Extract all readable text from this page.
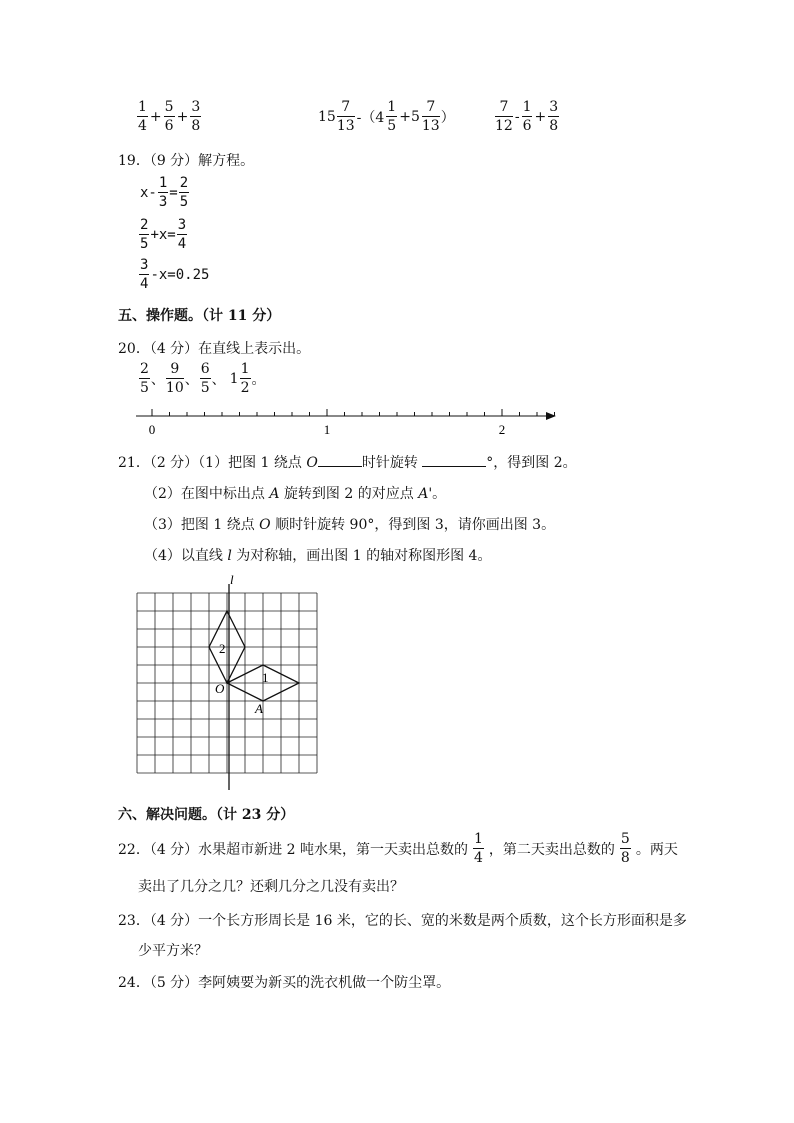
$\frac{1}{4} + \frac{5}{6} + \frac{3}{8}$	$15 \frac{7}{13} -(4 \frac{1}{5} +5 \frac{7}{13}$ ）	$\frac{7}{12} - \frac{1}{6} + \frac{3}{8}$
19．（9 分）解方程。
$x- \frac{1}{3} = \frac{2}{5}$
$\frac{2}{5} +x= \frac{3}{4}$
$\frac{3}{4} -x=0.25$
五、操作题。（计 11 分）
20．（4 分）在直线上表示出。
$\frac{2}{5}$ 、 $\frac{9}{10}$ 、 $\frac{6}{5}$ 、 $1 \frac{1}{2}$ 。
0	1	2
21．（2 分）（1）把图 1 绕点 O	时针旋转	°，得到图 2。
（2）在图中标出点 A 旋转到图 2 的对应点 A'。
（3）把图 1 绕点 O 顺时针旋转 90°，得到图 3，请你画出图 3。
（4）以直线 l 为对称轴，画出图 1 的轴对称图形图 4。
l
2
1
O
A
六、解决问题。（计 23 分）
22．（4 分）水果超市新进 2 吨水果，第一天卖出总数的 $\frac{1}{4}$ ，第二天卖出总数的 $\frac{5}{8}$ 。两天
卖出了几分之几？还剩几分之几没有卖出？
23．（4 分）一个长方形周长是 16 米，它的长、宽的米数是两个质数，这个长方形面积是多
少平方米？
24．（5 分）李阿姨要为新买的洗衣机做一个防尘罩。
